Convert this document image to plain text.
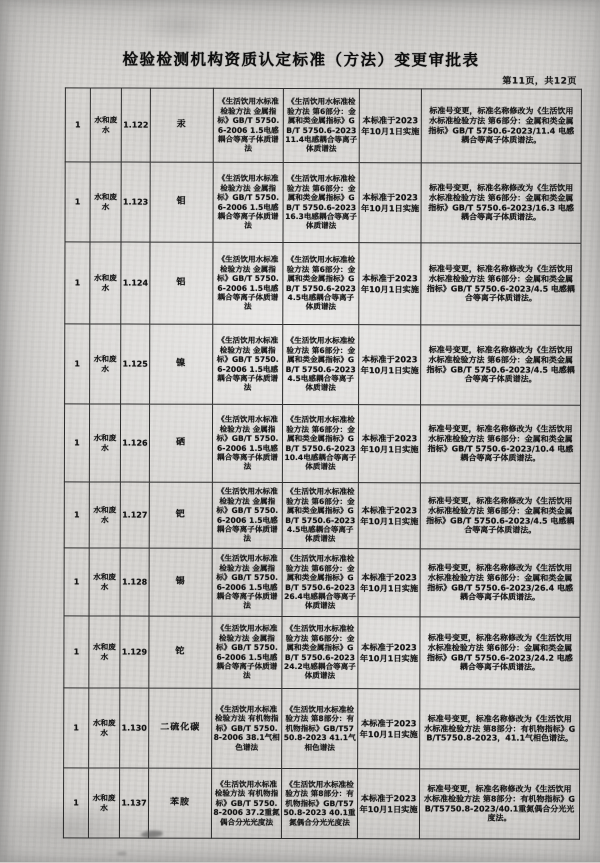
检验检测机构资质认定标准（方法）变更审批表
第11页，共12页
1	水和废水	1.122	汞	《生活饮用水标准检验方法 金属指标》GB/T 5750.6-2006 1.5电感耦合等离子体质谱法	《生活饮用水标准检验方法 第6部分：金属和类金属指标》GB/T 5750.6-2023 11.4电感耦合等离子体质谱法	本标准于2023年10月1日实施	标准号变更，标准名称修改为《生活饮用水标准检验方法 第6部分：金属和类金属指标》GB/T 5750.6-2023/11.4 电感耦合等离子体质谱法。
1	水和废水	1.123	钼	《生活饮用水标准检验方法 金属指标》GB/T 5750.6-2006 1.5电感耦合等离子体质谱法	《生活饮用水标准检验方法 第6部分：金属和类金属指标》GB/T 5750.6-2023 16.3电感耦合等离子体质谱法	本标准于2023年10月1日实施	标准号变更，标准名称修改为《生活饮用水标准检验方法 第6部分：金属和类金属指标》GB/T 5750.6-2023/16.3 电感耦合等离子体质谱法。
1	水和废水	1.124	铝	《生活饮用水标准检验方法 金属指标》GB/T 5750.6-2006 1.5电感耦合等离子体质谱法	《生活饮用水标准检验方法 第6部分：金属和类金属指标》GB/T 5750.6-2023 4.5电感耦合等离子体质谱法	本标准于2023年10月1日实施	标准号变更，标准名称修改为《生活饮用水标准检验方法 第6部分：金属和类金属指标》GB/T 5750.6-2023/4.5 电感耦合等离子体质谱法。
1	水和废水	1.125	镍	《生活饮用水标准检验方法 金属指标》GB/T 5750.6-2006 1.5电感耦合等离子体质谱法	《生活饮用水标准检验方法 第6部分：金属和类金属指标》GB/T 5750.6-2023 4.5电感耦合等离子体质谱法	本标准于2023年10月1日实施	标准号变更，标准名称修改为《生活饮用水标准检验方法 第6部分：金属和类金属指标》GB/T 5750.6-2023/4.5 电感耦合等离子体质谱法。
1	水和废水	1.126	硒	《生活饮用水标准检验方法 金属指标》GB/T 5750.6-2006 1.5电感耦合等离子体质谱法	《生活饮用水标准检验方法 第6部分：金属和类金属指标》GB/T 5750.6-2023 10.4电感耦合等离子体质谱法	本标准于2023年10月1日实施	标准号变更，标准名称修改为《生活饮用水标准检验方法 第6部分：金属和类金属指标》GB/T 5750.6-2023/10.4 电感耦合等离子体质谱法。
1	水和废水	1.127	钯	《生活饮用水标准检验方法 金属指标》GB/T 5750.6-2006 1.5电感耦合等离子体质谱法	《生活饮用水标准检验方法 第6部分：金属和类金属指标》GB/T 5750.6-2023 4.5电感耦合等离子体质谱法	本标准于2023年10月1日实施	标准号变更，标准名称修改为《生活饮用水标准检验方法 第6部分：金属和类金属指标》GB/T 5750.6-2023/4.5 电感耦合等离子体质谱法。
1	水和废水	1.128	锡	《生活饮用水标准检验方法 金属指标》GB/T 5750.6-2006 1.5电感耦合等离子体质谱法	《生活饮用水标准检验方法 第6部分：金属和类金属指标》GB/T 5750.6-2023 26.4电感耦合等离子体质谱法	本标准于2023年10月1日实施	标准号变更，标准名称修改为《生活饮用水标准检验方法 第6部分：金属和类金属指标》GB/T 5750.6-2023/26.4 电感耦合等离子体质谱法。
1	水和废水	1.129	铊	《生活饮用水标准检验方法 金属指标》GB/T 5750.6-2006 1.5电感耦合等离子体质谱法	《生活饮用水标准检验方法 第6部分：金属和类金属指标》GB/T 5750.6-2023 24.2电感耦合等离子体质谱法	本标准于2023年10月1日实施	标准号变更，标准名称修改为《生活饮用水标准检验方法 第6部分：金属和类金属指标》GB/T 5750.6-2023/24.2 电感耦合等离子体质谱法。
1	水和废水	1.130	二硫化碳	《生活饮用水标准检验方法 有机物指标》GB/T 5750.8-2006 38.1气相色谱法	《生活饮用水标准检验方法 第8部分：有机物指标》GB/T5750.8-2023 41.1气相色谱法	本标准于2023年10月1日实施	标准号变更，标准名称修改为《生活饮用水标准检验方法 第8部分：有机物指标》GB/T5750.8-2023，41.1气相色谱法。
1	水和废水	1.137	苯胺	《生活饮用水标准检验方法 有机物指标》GB/T 5750.8-2006 37.2重氮偶合分光光度法	《生活饮用水标准检验方法 第8部分：有机物指标》GB/T5750.8-2023 40.1重氮偶合分光光度法	本标准于2023年10月1日实施	标准号变更，标准名称修改为《生活饮用水标准检验方法 第8部分：有机物指标》GB/T5750.8-2023/40.1重氮偶合分光光度法。
